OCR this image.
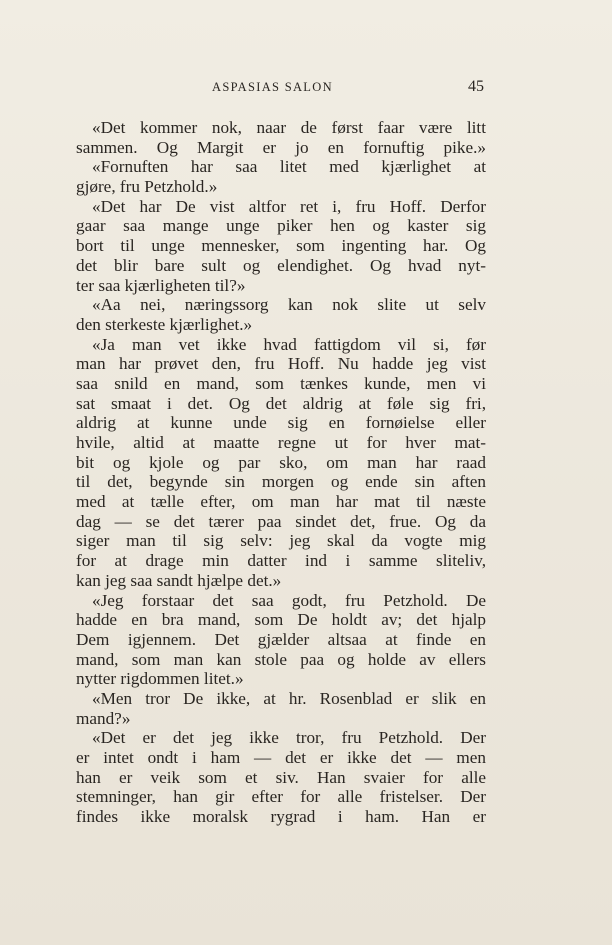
ASPASIAS SALON	45
«Det kommer nok, naar de først faar være litt
sammen. Og Margit er jo en fornuftig pike.»
«Fornuften har saa litet med kjærlighet at
gjøre, fru Petzhold.»
«Det har De vist altfor ret i, fru Hoff. Derfor
gaar saa mange unge piker hen og kaster sig
bort til unge mennesker, som ingenting har. Og
det blir bare sult og elendighet. Og hvad nyt-
ter saa kjærligheten til?»
«Aa nei, næringssorg kan nok slite ut selv
den sterkeste kjærlighet.»
«Ja man vet ikke hvad fattigdom vil si, før
man har prøvet den, fru Hoff. Nu hadde jeg vist
saa snild en mand, som tænkes kunde, men vi
sat smaat i det. Og det aldrig at føle sig fri,
aldrig at kunne unde sig en fornøielse eller
hvile, altid at maatte regne ut for hver mat-
bit og kjole og par sko, om man har raad
til det, begynde sin morgen og ende sin aften
med at tælle efter, om man har mat til næste
dag — se det tærer paa sindet det, frue. Og da
siger man til sig selv: jeg skal da vogte mig
for at drage min datter ind i samme sliteliv,
kan jeg saa sandt hjælpe det.»
«Jeg forstaar det saa godt, fru Petzhold. De
hadde en bra mand, som De holdt av; det hjalp
Dem igjennem. Det gjælder altsaa at finde en
mand, som man kan stole paa og holde av ellers
nytter rigdommen litet.»
«Men tror De ikke, at hr. Rosenblad er slik en
mand?»
«Det er det jeg ikke tror, fru Petzhold. Der
er intet ondt i ham — det er ikke det — men
han er veik som et siv. Han svaier for alle
stemninger, han gir efter for alle fristelser. Der
findes ikke moralsk rygrad i ham. Han er
